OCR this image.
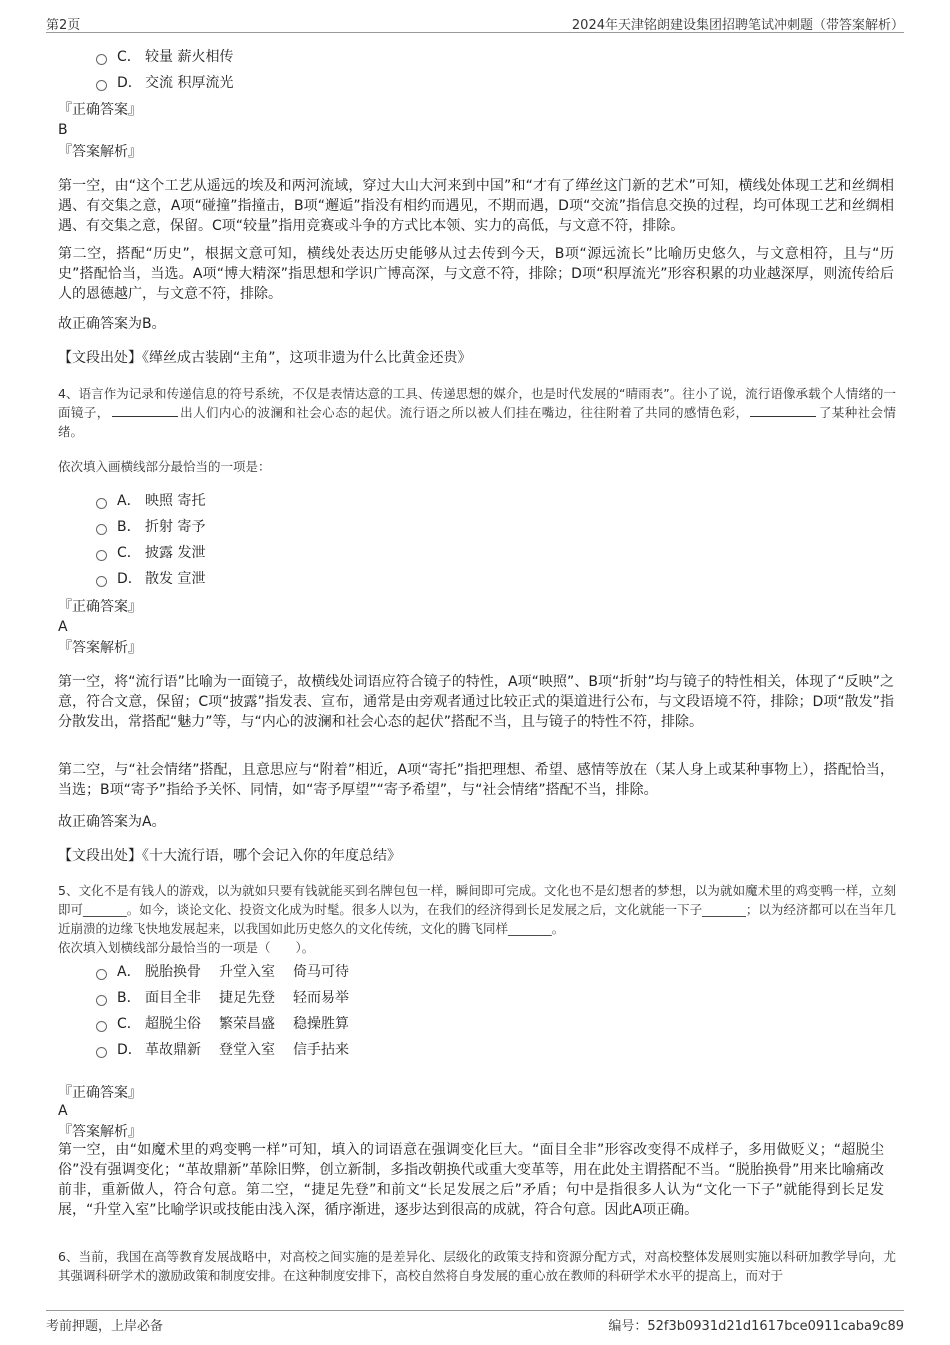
第2页	2024年天津铭朗建设集团招聘笔试冲刺题（带答案解析）
C． 较量 薪火相传
D． 交流 积厚流光
『正确答案』
B
『答案解析』
第一空，由“这个工艺从遥远的埃及和两河流域，穿过大山大河来到中国”和“才有了缂丝这门新的艺术”可知，横线处体现工艺和丝绸相遇、有交集之意，A项“碰撞”指撞击，B项“邂逅”指没有相约而遇见，不期而遇，D项“交流”指信息交换的过程，均可体现工艺和丝绸相遇、有交集之意，保留。C项“较量”指用竞赛或斗争的方式比本领、实力的高低，与文意不符，排除。
第二空，搭配“历史”，根据文意可知，横线处表达历史能够从过去传到今天，B项“源远流长”比喻历史悠久，与文意相符，且与“历史”搭配恰当，当选。A项“博大精深”指思想和学识广博高深，与文意不符，排除；D项“积厚流光”形容积累的功业越深厚，则流传给后人的恩德越广，与文意不符，排除。
故正确答案为B。
【文段出处】《缂丝成古装剧“主角”，这项非遗为什么比黄金还贵》
4、语言作为记录和传递信息的符号系统，不仅是表情达意的工具、传递思想的媒介，也是时代发展的“晴雨表”。往小了说，流行语像承载个人情绪的一面镜子，	出人们内心的波澜和社会心态的起伏。流行语之所以被人们挂在嘴边，往往附着了共同的感情色彩，	了某种社会情绪。
依次填入画横线部分最恰当的一项是：
A． 映照 寄托
B． 折射 寄予
C． 披露 发泄
D． 散发 宣泄
『正确答案』
A
『答案解析』
第一空，将“流行语”比喻为一面镜子，故横线处词语应符合镜子的特性，A项“映照”、B项“折射”均与镜子的特性相关，体现了“反映”之意，符合文意，保留；C项“披露”指发表、宣布，通常是由旁观者通过比较正式的渠道进行公布，与文段语境不符，排除；D项“散发”指分散发出，常搭配“魅力”等，与“内心的波澜和社会心态的起伏”搭配不当，且与镜子的特性不符，排除。
第二空，与“社会情绪”搭配，且意思应与“附着”相近，A项“寄托”指把理想、希望、感情等放在（某人身上或某种事物上），搭配恰当，当选；B项“寄予”指给予关怀、同情，如“寄予厚望”“寄予希望”，与“社会情绪”搭配不当，排除。
故正确答案为A。
【文段出处】《十大流行语，哪个会记入你的年度总结》
5、文化不是有钱人的游戏，以为就如只要有钱就能买到名牌包包一样，瞬间即可完成。文化也不是幻想者的梦想，以为就如魔术里的鸡变鸭一样，立刻即可_______。如今，谈论文化、投资文化成为时髦。很多人以为，在我们的经济得到长足发展之后，文化就能一下子_______；以为经济都可以在当年几近崩溃的边缘飞快地发展起来，以我国如此历史悠久的文化传统，文化的腾飞同样_______。
依次填入划横线部分最恰当的一项是（　　）。
A． 脱胎换骨 升堂入室 倚马可待
B． 面目全非 捷足先登 轻而易举
C． 超脱尘俗 繁荣昌盛 稳操胜算
D． 革故鼎新 登堂入室 信手拈来
『正确答案』
A
『答案解析』
第一空，由“如魔术里的鸡变鸭一样”可知，填入的词语意在强调变化巨大。“面目全非”形容改变得不成样子，多用做贬义；“超脱尘俗”没有强调变化；“革故鼎新”革除旧弊，创立新制，多指改朝换代或重大变革等，用在此处主谓搭配不当。“脱胎换骨”用来比喻痛改前非，重新做人，符合句意。第二空，“捷足先登”和前文“长足发展之后”矛盾；句中是指很多人认为“文化一下子”就能得到长足发展，“升堂入室”比喻学识或技能由浅入深，循序渐进，逐步达到很高的成就，符合句意。因此A项正确。
6、当前，我国在高等教育发展战略中，对高校之间实施的是差异化、层级化的政策支持和资源分配方式，对高校整体发展则实施以科研加教学导向，尤其强调科研学术的激励政策和制度安排。在这种制度安排下，高校自然将自身发展的重心放在教师的科研学术水平的提高上，而对于
考前押题，上岸必备	编号：52f3b0931d21d1617bce0911caba9c89
